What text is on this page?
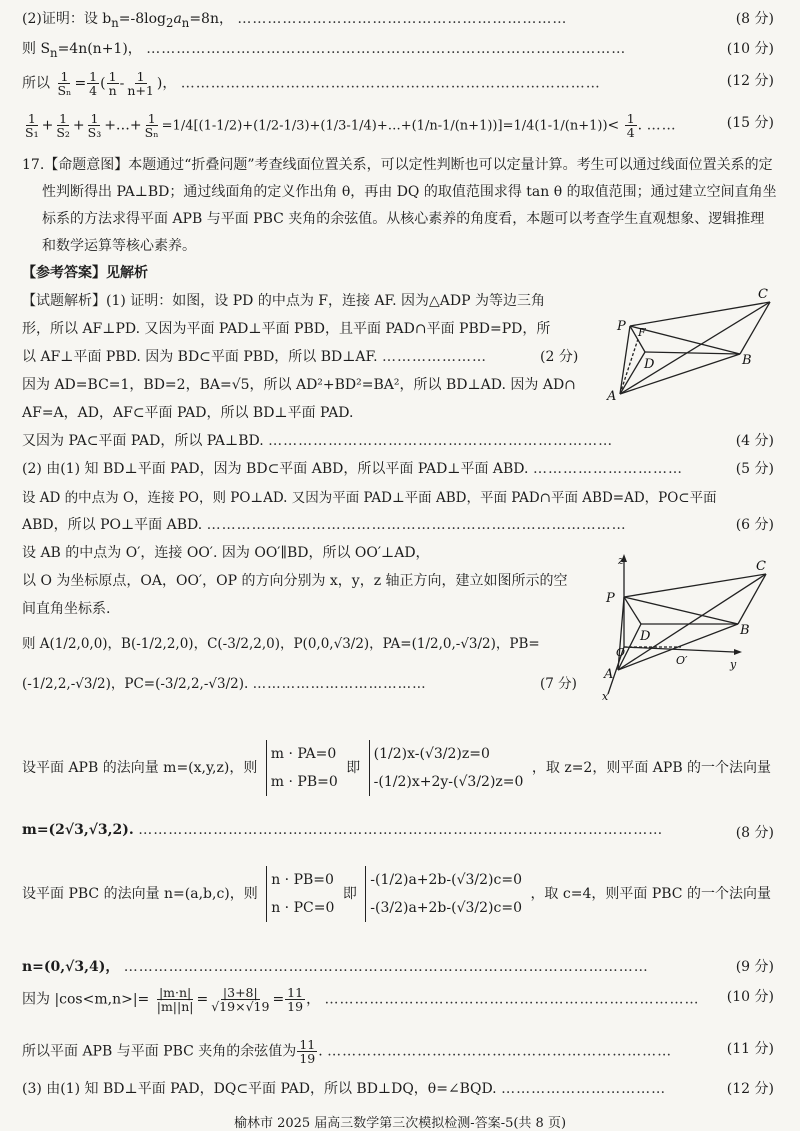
(2)证明：设 $b_n=-8\log_2a_n=8n$， …………………………………………………………	(8 分)
则 $S_n=4n(n+1)$， ……………………………………………………………………………………	(10 分)
所以 $\frac{1}{\text{Sₙ}} = \frac{1}{4}$ ( $\frac{1}{n} - \frac{1}{n+1}$ )， …………………………………………………………………………	(12 分)
$\frac{1}{\text{S₁}} + \frac{1}{\text{S₂}} + \frac{1}{\text{S₃}}$ +…+ $\frac{1}{\text{Sₙ}}$ =1/4[(1-1/2)+(1/2-1/3)+(1/3-1/4)+…+(1/n-1/(n+1))]=1/4(1-1/(n+1))< $\frac{1}{4}$ . ……	(15 分)
17.【命题意图】本题通过“折叠问题”考查线面位置关系，可以定性判断也可以定量计算。考生可以通过线面位置关系的定性判断得出 PA⊥BD；通过线面角的定义作出角 θ，再由 DQ 的取值范围求得 tan θ 的取值范围；通过建立空间直角坐标系的方法求得平面 APB 与平面 PBC 夹角的余弦值。从核心素养的角度看，本题可以考查学生直观想象、逻辑推理和数学运算等核心素养。
【参考答案】见解析
【试题解析】(1) 证明：如图，设 PD 的中点为 F，连接 AF. 因为△ADP 为等边三角
形，所以 AF⊥PD. 又因为平面 PAD⊥平面 PBD，且平面 PAD∩平面 PBD=PD，所
以 AF⊥平面 PBD. 因为 BD⊂平面 PBD，所以 BD⊥AF. …………………	(2 分)
因为 AD=BC=1，BD=2，BA=√5，所以 AD²+BD²=BA²，所以 BD⊥AD. 因为 AD∩
AF=A，AD，AF⊂平面 PAD，所以 BD⊥平面 PAD.
又因为 PA⊂平面 PAD，所以 PA⊥BD. ……………………………………………………………	(4 分)
(2) 由(1) 知 BD⊥平面 PAD，因为 BD⊂平面 ABD，所以平面 PAD⊥平面 ABD. …………………………	(5 分)
设 AD 的中点为 O，连接 PO，则 PO⊥AD. 又因为平面 PAD⊥平面 ABD，平面 PAD∩平面 ABD=AD，PO⊂平面
ABD，所以 PO⊥平面 ABD. …………………………………………………………………………	(6 分)
设 AB 的中点为 O′，连接 OO′. 因为 OO′∥BD，所以 OO′⊥AD，
以 O 为坐标原点，OA，OO′，OP 的方向分别为 x，y，z 轴正方向，建立如图所示的空
间直角坐标系.
则 A(1/2,0,0)，B(-1/2,2,0)，C(-3/2,2,0)，P(0,0,√3/2)，PA=(1/2,0,-√3/2)，PB=
(-1/2,2,-√3/2)，PC=(-3/2,2,-√3/2). ………………………………	(7 分)
设平面 APB 的法向量 m=(x,y,z)，则
m · PA=0
m · PB=0
即
(1/2)x-(√3/2)z=0
-(1/2)x+2y-(√3/2)z=0
，取 z=2，则平面 APB 的一个法向量
m=(2√3,√3,2). ……………………………………………………………………………………………	(8 分)
设平面 PBC 的法向量 n=(a,b,c)，则
n · PB=0
n · PC=0
即
-(1/2)a+2b-(√3/2)c=0
-(3/2)a+2b-(√3/2)c=0
，取 c=4，则平面 PBC 的一个法向量
n=(0,√3,4)， ……………………………………………………………………………………………	(9 分)
因为 $|\cos<m,n>|= \frac{|m\cdot n|}{|m||n|} = \frac{|3+8|}{√19\times√19} = \frac{11}{19}$ ， ………………………………………………………………… (10 分)
所以平面 APB 与平面 PBC 夹角的余弦值为 $\frac{11}{19}$ . ……………………………………………………………	(11 分)
(3) 由(1) 知 BD⊥平面 PAD，DQ⊂平面 PAD，所以 BD⊥DQ，θ=∠BQD. ……………………………	(12 分)
榆林市 2025 届高三数学第三次模拟检测-答案-5(共 8 页)
C
P F
D	B
A
z	C
P
D	B
O
O′	y
A
x
